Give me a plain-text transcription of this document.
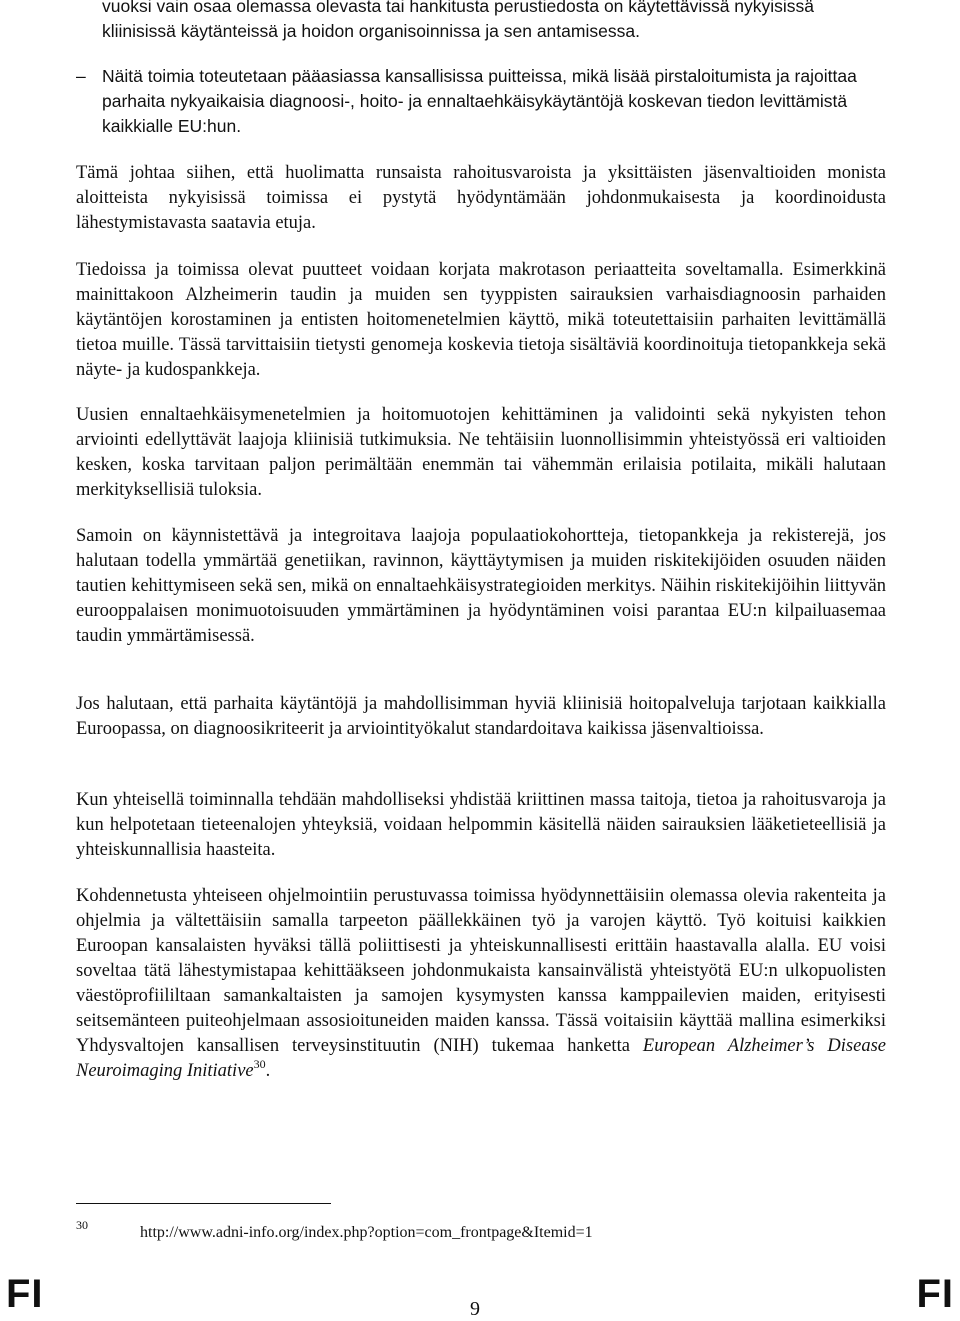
vuoksi vain osaa olemassa olevasta tai hankitusta perustiedosta on käytettävissä nykyisissä kliinisissä käytänteissä ja hoidon organisoinnissa ja sen antamisessa.

– Näitä toimia toteutetaan pääasiassa kansallisissa puitteissa, mikä lisää pirstaloitumista ja rajoittaa parhaita nykyaikaisia diagnoosi-, hoito- ja ennaltaehkäisykäytäntöjä koskevan tiedon levittämistä kaikkialle EU:hun.

Tämä johtaa siihen, että huolimatta runsaista rahoitusvaroista ja yksittäisten jäsenvaltioiden monista aloitteista nykyisissä toimissa ei pystytä hyödyntämään johdonmukaisesta ja koordinoidusta lähestymistavasta saatavia etuja.

Tiedoissa ja toimissa olevat puutteet voidaan korjata makrotason periaatteita soveltamalla. Esimerkkinä mainittakoon Alzheimerin taudin ja muiden sen tyyppisten sairauksien varhaisdiagnoosin parhaiden käytäntöjen korostaminen ja entisten hoitomenetelmien käyttö, mikä toteutettaisiin parhaiten levittämällä tietoa muille. Tässä tarvittaisiin tietysti genomeja koskevia tietoja sisältäviä koordinoituja tietopankkeja sekä näyte- ja kudospankkeja.

Uusien ennaltaehkäisymenetelmien ja hoitomuotojen kehittäminen ja validointi sekä nykyisten tehon arviointi edellyttävät laajoja kliinisiä tutkimuksia. Ne tehtäisiin luonnollisimmin yhteistyössä eri valtioiden kesken, koska tarvitaan paljon perimältään enemmän tai vähemmän erilaisia potilaita, mikäli halutaan merkityksellisiä tuloksia.

Samoin on käynnistettävä ja integroitava laajoja populaatiokohortteja, tietopankkeja ja rekisterejä, jos halutaan todella ymmärtää genetiikan, ravinnon, käyttäytymisen ja muiden riskitekijöiden osuuden näiden tautien kehittymiseen sekä sen, mikä on ennaltaehkäisystrategioiden merkitys. Näihin riskitekijöihin liittyvän eurooppalaisen monimuotoisuuden ymmärtäminen ja hyödyntäminen voisi parantaa EU:n kilpailuasemaa taudin ymmärtämisessä.

Jos halutaan, että parhaita käytäntöjä ja mahdollisimman hyviä kliinisiä hoitopalveluja tarjotaan kaikkialla Euroopassa, on diagnoosikriteerit ja arviointityökalut standardoitava kaikissa jäsenvaltioissa.

Kun yhteisellä toiminnalla tehdään mahdolliseksi yhdistää kriittinen massa taitoja, tietoa ja rahoitusvaroja ja kun helpotetaan tieteenalojen yhteyksiä, voidaan helpommin käsitellä näiden sairauksien lääketieteellisiä ja yhteiskunnallisia haasteita.

Kohdennetusta yhteiseen ohjelmointiin perustuvassa toimissa hyödynnettäisiin olemassa olevia rakenteita ja ohjelmia ja vältettäisiin samalla tarpeeton päällekkäinen työ ja varojen käyttö. Työ koituisi kaikkien Euroopan kansalaisten hyväksi tällä poliittisesti ja yhteiskunnallisesti erittäin haastavalla alalla. EU voisi soveltaa tätä lähestymistapaa kehittääkseen johdonmukaista kansainvälistä yhteistyötä EU:n ulkopuolisten väestöprofiililtaan samankaltaisten ja samojen kysymysten kanssa kamppailevien maiden, erityisesti seitsemänteen puiteohjelmaan assosioituneiden maiden kanssa. Tässä voitaisiin käyttää mallina esimerkiksi Yhdysvaltojen kansallisen terveysinstituutin (NIH) tukemaa hanketta European Alzheimer’s Disease Neuroimaging Initiative$^{30}$.

30	http://www.adni-info.org/index.php?option=com_frontpage&Itemid=1
FI	9	FI
